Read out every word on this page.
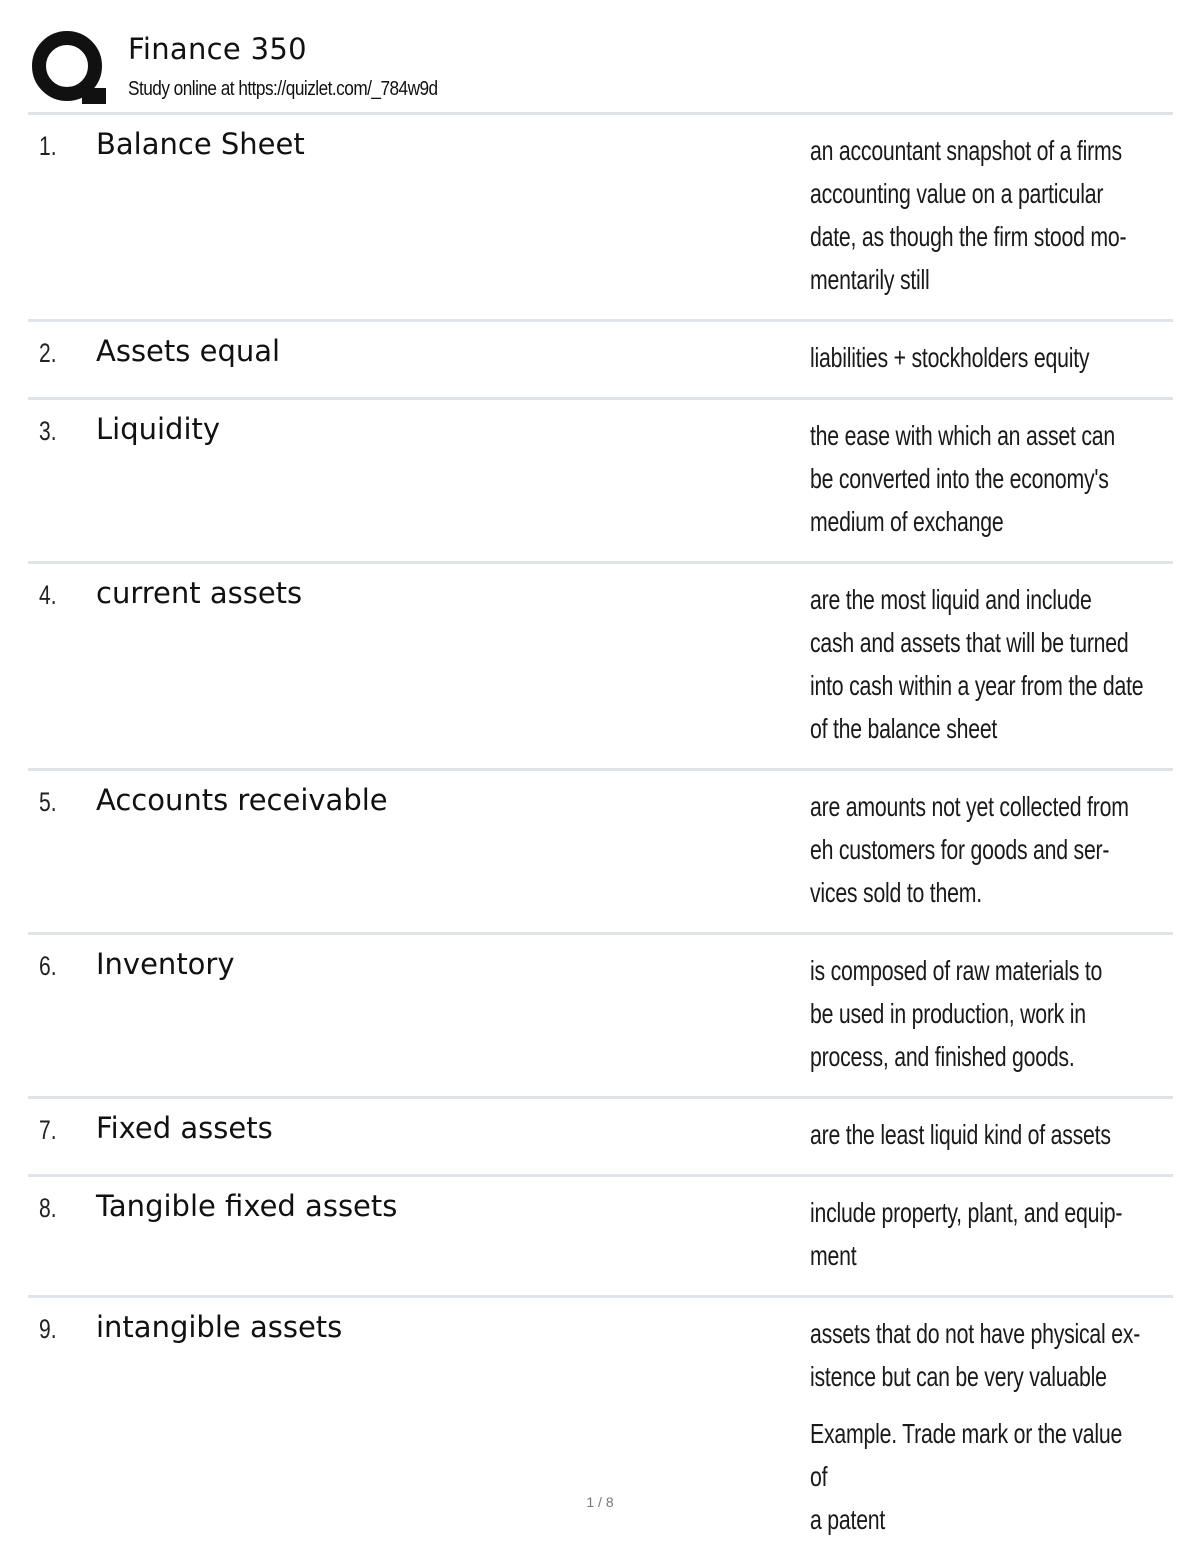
Finance 350
Study online at https://quizlet.com/_784w9d
1. Balance Sheet	an accountant snapshot of a firms
accounting value on a particular
date, as though the firm stood mo-
mentarily still
2. Assets equal	liabilities + stockholders equity
3. Liquidity	the ease with which an asset can
be converted into the economy's
medium of exchange
4. current assets	are the most liquid and include
cash and assets that will be turned
into cash within a year from the date
of the balance sheet
5. Accounts receivable	are amounts not yet collected from
eh customers for goods and ser-
vices sold to them.
6. Inventory	is composed of raw materials to
be used in production, work in
process, and finished goods.
7. Fixed assets	are the least liquid kind of assets
8. Tangible fixed assets	include property, plant, and equip-
ment
9. intangible assets	assets that do not have physical ex-
istence but can be very valuable
Example. Trade mark or the value of
a patent
1 / 8
